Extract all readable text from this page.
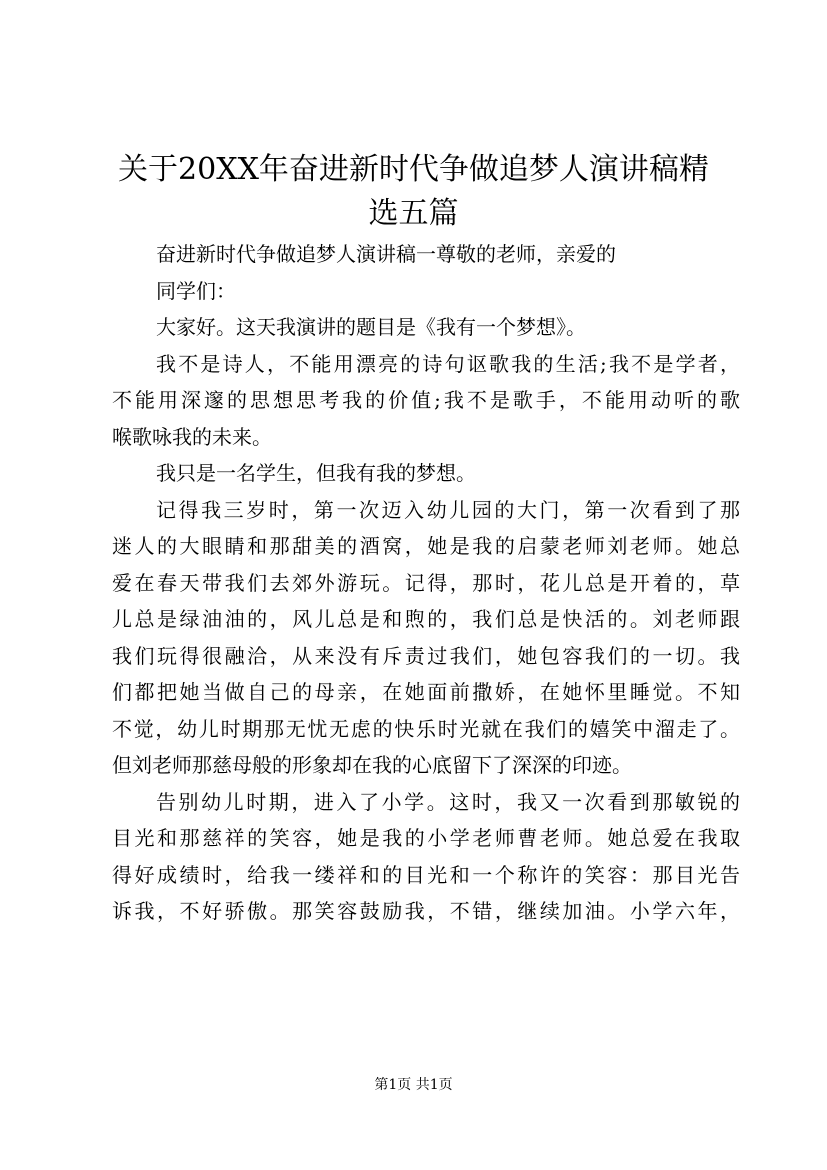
关于20XX年奋进新时代争做追梦人演讲稿精
选五篇
奋进新时代争做追梦人演讲稿一尊敬的老师，亲爱的
同学们：
大家好。这天我演讲的题目是《我有一个梦想》。
我不是诗人，不能用漂亮的诗句讴歌我的生活;我不是学者，
不能用深邃的思想思考我的价值;我不是歌手，不能用动听的歌
喉歌咏我的未来。
我只是一名学生，但我有我的梦想。
记得我三岁时，第一次迈入幼儿园的大门，第一次看到了那
迷人的大眼睛和那甜美的酒窝，她是我的启蒙老师刘老师。她总
爱在春天带我们去郊外游玩。记得，那时，花儿总是开着的，草
儿总是绿油油的，风儿总是和煦的，我们总是快活的。刘老师跟
我们玩得很融洽，从来没有斥责过我们，她包容我们的一切。我
们都把她当做自己的母亲，在她面前撒娇，在她怀里睡觉。不知
不觉，幼儿时期那无忧无虑的快乐时光就在我们的嬉笑中溜走了。
但刘老师那慈母般的形象却在我的心底留下了深深的印迹。
告别幼儿时期，进入了小学。这时，我又一次看到那敏锐的
目光和那慈祥的笑容，她是我的小学老师曹老师。她总爱在我取
得好成绩时，给我一缕祥和的目光和一个称许的笑容：那目光告
诉我，不好骄傲。那笑容鼓励我，不错，继续加油。小学六年，
第1页 共1页
